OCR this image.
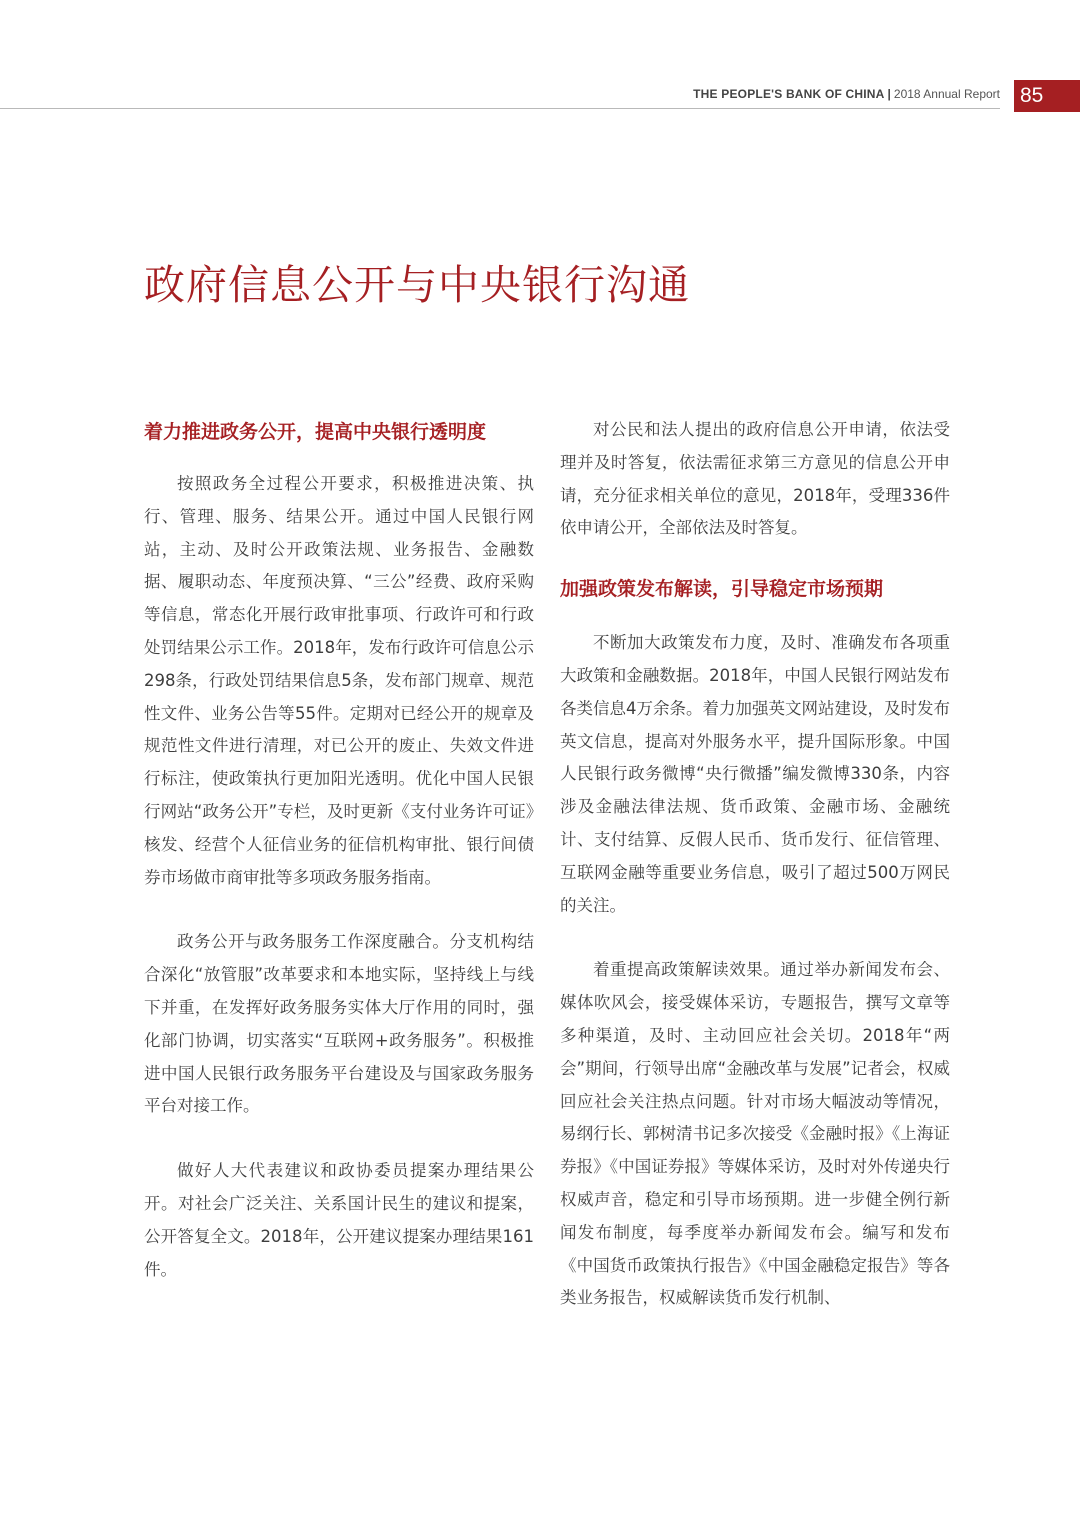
THE PEOPLE'S BANK OF CHINA | 2018 Annual Report 85
政府信息公开与中央银行沟通
着力推进政务公开，提高中央银行透明度

按照政务全过程公开要求，积极推进决策、执行、管理、服务、结果公开。通过中国人民银行网站，主动、及时公开政策法规、业务报告、金融数据、履职动态、年度预决算、“三公”经费、政府采购等信息，常态化开展行政审批事项、行政许可和行政处罚结果公示工作。2018年，发布行政许可信息公示298条，行政处罚结果信息5条，发布部门规章、规范性文件、业务公告等55件。定期对已经公开的规章及规范性文件进行清理，对已公开的废止、失效文件进行标注，使政策执行更加阳光透明。优化中国人民银行网站“政务公开”专栏，及时更新《支付业务许可证》核发、经营个人征信业务的征信机构审批、银行间债券市场做市商审批等多项政务服务指南。

政务公开与政务服务工作深度融合。分支机构结合深化“放管服”改革要求和本地实际，坚持线上与线下并重，在发挥好政务服务实体大厅作用的同时，强化部门协调，切实落实“互联网+政务服务”。积极推进中国人民银行政务服务平台建设及与国家政务服务平台对接工作。

做好人大代表建议和政协委员提案办理结果公开。对社会广泛关注、关系国计民生的建议和提案，公开答复全文。2018年，公开建议提案办理结果161件。

对公民和法人提出的政府信息公开申请，依法受理并及时答复，依法需征求第三方意见的信息公开申请，充分征求相关单位的意见，2018年，受理336件依申请公开，全部依法及时答复。

加强政策发布解读，引导稳定市场预期

不断加大政策发布力度，及时、准确发布各项重大政策和金融数据。2018年，中国人民银行网站发布各类信息4万余条。着力加强英文网站建设，及时发布英文信息，提高对外服务水平，提升国际形象。中国人民银行政务微博“央行微播”编发微博330条，内容涉及金融法律法规、货币政策、金融市场、金融统计、支付结算、反假人民币、货币发行、征信管理、互联网金融等重要业务信息，吸引了超过500万网民的关注。

着重提高政策解读效果。通过举办新闻发布会、媒体吹风会，接受媒体采访，专题报告，撰写文章等多种渠道，及时、主动回应社会关切。2018年“两会”期间，行领导出席“金融改革与发展”记者会，权威回应社会关注热点问题。针对市场大幅波动等情况，易纲行长、郭树清书记多次接受《金融时报》《上海证券报》《中国证券报》等媒体采访，及时对外传递央行权威声音，稳定和引导市场预期。进一步健全例行新闻发布制度，每季度举办新闻发布会。编写和发布《中国货币政策执行报告》《中国金融稳定报告》等各类业务报告，权威解读货币发行机制、
